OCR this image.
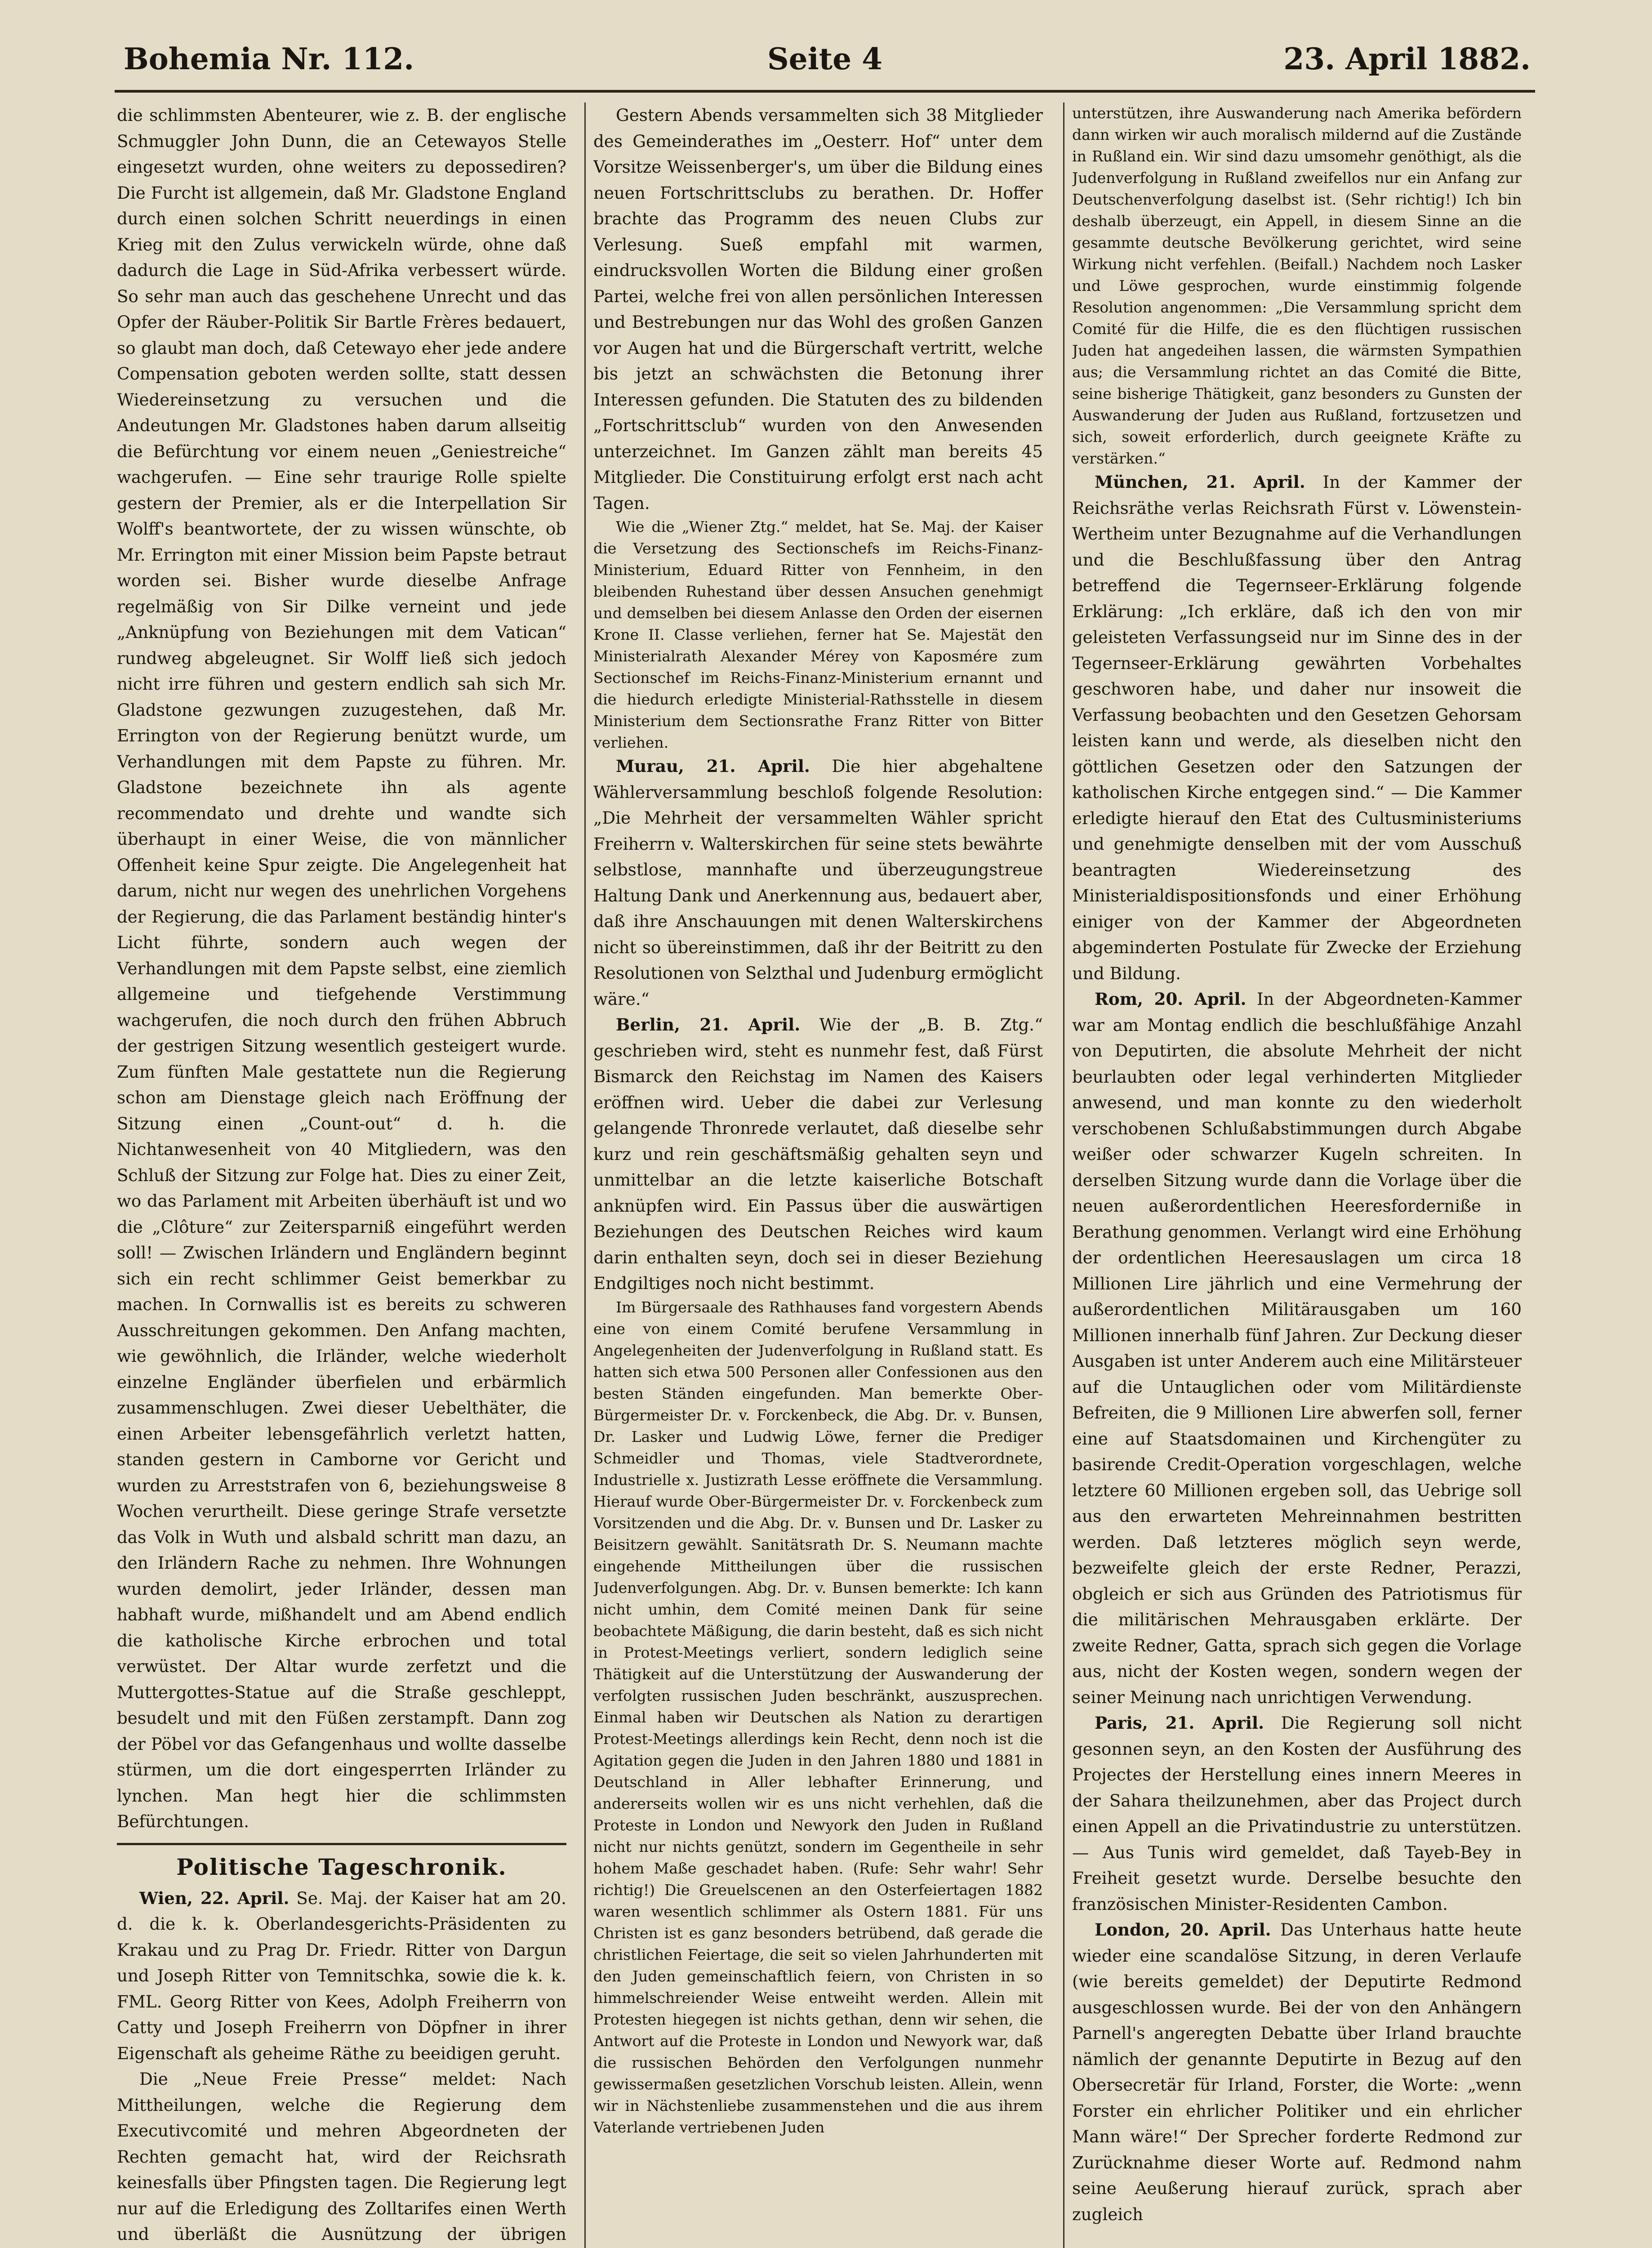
Bohemia Nr. 112.	Seite 4	23. April 1882.

die schlimmsten Abenteurer, wie z. B. der englische Schmuggler John Dunn, die an Cetewayos Stelle eingesetzt wurden, ohne weiters zu depossediren? Die Furcht ist allgemein, daß Mr. Gladstone England durch einen solchen Schritt neuerdings in einen Krieg mit den Zulus verwickeln würde, ohne daß dadurch die Lage in Süd-Afrika verbessert würde. So sehr man auch das geschehene Unrecht und das Opfer der Räuber-Politik Sir Bartle Frères bedauert, so glaubt man doch, daß Cetewayo eher jede andere Compensation geboten werden sollte, statt dessen Wiedereinsetzung zu versuchen und die Andeutungen Mr. Gladstones haben darum allseitig die Befürchtung vor einem neuen „Geniestreiche“ wachgerufen. — Eine sehr traurige Rolle spielte gestern der Premier, als er die Interpellation Sir Wolff's beantwortete, der zu wissen wünschte, ob Mr. Errington mit einer Mission beim Papste betraut worden sei. Bisher wurde dieselbe Anfrage regelmäßig von Sir Dilke verneint und jede „Anknüpfung von Beziehungen mit dem Vatican“ rundweg abgeleugnet. Sir Wolff ließ sich jedoch nicht irre führen und gestern endlich sah sich Mr. Gladstone gezwungen zuzugestehen, daß Mr. Errington von der Regierung benützt wurde, um Verhandlungen mit dem Papste zu führen. Mr. Gladstone bezeichnete ihn als agente recommendato und drehte und wandte sich überhaupt in einer Weise, die von männlicher Offenheit keine Spur zeigte. Die Angelegenheit hat darum, nicht nur wegen des unehrlichen Vorgehens der Regierung, die das Parlament beständig hinter's Licht führte, sondern auch wegen der Verhandlungen mit dem Papste selbst, eine ziemlich allgemeine und tiefgehende Verstimmung wachgerufen, die noch durch den frühen Abbruch der gestrigen Sitzung wesentlich gesteigert wurde. Zum fünften Male gestattete nun die Regierung schon am Dienstage gleich nach Eröffnung der Sitzung einen „Count-out“ d. h. die Nichtanwesenheit von 40 Mitgliedern, was den Schluß der Sitzung zur Folge hat. Dies zu einer Zeit, wo das Parlament mit Arbeiten überhäuft ist und wo die „Clôture“ zur Zeitersparniß eingeführt werden soll! — Zwischen Irländern und Engländern beginnt sich ein recht schlimmer Geist bemerkbar zu machen. In Cornwallis ist es bereits zu schweren Ausschreitungen gekommen. Den Anfang machten, wie gewöhnlich, die Irländer, welche wiederholt einzelne Engländer überfielen und erbärmlich zusammenschlugen. Zwei dieser Uebelthäter, die einen Arbeiter lebensgefährlich verletzt hatten, standen gestern in Camborne vor Gericht und wurden zu Arreststrafen von 6, beziehungsweise 8 Wochen verurtheilt. Diese geringe Strafe versetzte das Volk in Wuth und alsbald schritt man dazu, an den Irländern Rache zu nehmen. Ihre Wohnungen wurden demolirt, jeder Irländer, dessen man habhaft wurde, mißhandelt und am Abend endlich die katholische Kirche erbrochen und total verwüstet. Der Altar wurde zerfetzt und die Muttergottes-Statue auf die Straße geschleppt, besudelt und mit den Füßen zerstampft. Dann zog der Pöbel vor das Gefangenhaus und wollte dasselbe stürmen, um die dort eingesperrten Irländer zu lynchen. Man hegt hier die schlimmsten Befürchtungen.

Politische Tageschronik.

Wien, 22. April. Se. Maj. der Kaiser hat am 20. d. die k. k. Oberlandesgerichts-Präsidenten zu Krakau und zu Prag Dr. Friedr. Ritter von Dargun und Joseph Ritter von Temnitschka, sowie die k. k. FML. Georg Ritter von Kees, Adolph Freiherrn von Catty und Joseph Freiherrn von Döpfner in ihrer Eigenschaft als geheime Räthe zu beeidigen geruht.

Die „Neue Freie Presse“ meldet: Nach Mittheilungen, welche die Regierung dem Executivcomité und mehren Abgeordneten der Rechten gemacht hat, wird der Reichsrath keinesfalls über Pfingsten tagen. Die Regierung legt nur auf die Erledigung des Zolltarifes einen Werth und überläßt die Ausnützung der übrigen

Gestern Abends versammelten sich 38 Mitglieder des Gemeinderathes im „Oesterr. Hof“ unter dem Vorsitze Weissenberger's, um über die Bildung eines neuen Fortschrittsclubs zu berathen. Dr. Hoffer brachte das Programm des neuen Clubs zur Verlesung. Sueß empfahl mit warmen, eindrucksvollen Worten die Bildung einer großen Partei, welche frei von allen persönlichen Interessen und Bestrebungen nur das Wohl des großen Ganzen vor Augen hat und die Bürgerschaft vertritt, welche bis jetzt an schwächsten die Betonung ihrer Interessen gefunden. Die Statuten des zu bildenden „Fortschrittsclub“ wurden von den Anwesenden unterzeichnet. Im Ganzen zählt man bereits 45 Mitglieder. Die Constituirung erfolgt erst nach acht Tagen.

Wie die „Wiener Ztg.“ meldet, hat Se. Maj. der Kaiser die Versetzung des Sectionschefs im Reichs-Finanz-Ministerium, Eduard Ritter von Fennheim, in den bleibenden Ruhestand über dessen Ansuchen genehmigt und demselben bei diesem Anlasse den Orden der eisernen Krone II. Classe verliehen, ferner hat Se. Majestät den Ministerialrath Alexander Mérey von Kaposmére zum Sectionschef im Reichs-Finanz-Ministerium ernannt und die hiedurch erledigte Ministerial-Rathsstelle in diesem Ministerium dem Sectionsrathe Franz Ritter von Bitter verliehen.

Murau, 21. April. Die hier abgehaltene Wählerversammlung beschloß folgende Resolution: „Die Mehrheit der versammelten Wähler spricht Freiherrn v. Walterskirchen für seine stets bewährte selbstlose, mannhafte und überzeugungstreue Haltung Dank und Anerkennung aus, bedauert aber, daß ihre Anschauungen mit denen Walterskirchens nicht so übereinstimmen, daß ihr der Beitritt zu den Resolutionen von Selzthal und Judenburg ermöglicht wäre.“

Berlin, 21. April. Wie der „B. B. Ztg.“ geschrieben wird, steht es nunmehr fest, daß Fürst Bismarck den Reichstag im Namen des Kaisers eröffnen wird. Ueber die dabei zur Verlesung gelangende Thronrede verlautet, daß dieselbe sehr kurz und rein geschäftsmäßig gehalten seyn und unmittelbar an die letzte kaiserliche Botschaft anknüpfen wird. Ein Passus über die auswärtigen Beziehungen des Deutschen Reiches wird kaum darin enthalten seyn, doch sei in dieser Beziehung Endgiltiges noch nicht bestimmt.

Im Bürgersaale des Rathhauses fand vorgestern Abends eine von einem Comité berufene Versammlung in Angelegenheiten der Judenverfolgung in Rußland statt. Es hatten sich etwa 500 Personen aller Confessionen aus den besten Ständen eingefunden. Man bemerkte Ober-Bürgermeister Dr. v. Forckenbeck, die Abg. Dr. v. Bunsen, Dr. Lasker und Ludwig Löwe, ferner die Prediger Schmeidler und Thomas, viele Stadtverordnete, Industrielle x. Justizrath Lesse eröffnete die Versammlung. Hierauf wurde Ober-Bürgermeister Dr. v. Forckenbeck zum Vorsitzenden und die Abg. Dr. v. Bunsen und Dr. Lasker zu Beisitzern gewählt. Sanitätsrath Dr. S. Neumann machte eingehende Mittheilungen über die russischen Judenverfolgungen. Abg. Dr. v. Bunsen bemerkte: Ich kann nicht umhin, dem Comité meinen Dank für seine beobachtete Mäßigung, die darin besteht, daß es sich nicht in Protest-Meetings verliert, sondern lediglich seine Thätigkeit auf die Unterstützung der Auswanderung der verfolgten russischen Juden beschränkt, auszusprechen. Einmal haben wir Deutschen als Nation zu derartigen Protest-Meetings allerdings kein Recht, denn noch ist die Agitation gegen die Juden in den Jahren 1880 und 1881 in Deutschland in Aller lebhafter Erinnerung, und andererseits wollen wir es uns nicht verhehlen, daß die Proteste in London und Newyork den Juden in Rußland nicht nur nichts genützt, sondern im Gegentheile in sehr hohem Maße geschadet haben. (Rufe: Sehr wahr! Sehr richtig!) Die Greuelscenen an den Osterfeiertagen 1882 waren wesentlich schlimmer als Ostern 1881. Für uns Christen ist es ganz besonders betrübend, daß gerade die christlichen Feiertage, die seit so vielen Jahrhunderten mit den Juden gemeinschaftlich feiern, von Christen in so himmelschreiender Weise entweiht werden. Allein mit Protesten hiegegen ist nichts gethan, denn wir sehen, die Antwort auf die Proteste in London und Newyork war, daß die russischen Behörden den Verfolgungen nunmehr gewissermaßen gesetzlichen Vorschub leisten. Allein, wenn wir in Nächstenliebe zusammenstehen und die aus ihrem Vaterlande vertriebenen Juden

unterstützen, ihre Auswanderung nach Amerika befördern dann wirken wir auch moralisch mildernd auf die Zustände in Rußland ein. Wir sind dazu umsomehr genöthigt, als die Judenverfolgung in Rußland zweifellos nur ein Anfang zur Deutschenverfolgung daselbst ist. (Sehr richtig!) Ich bin deshalb überzeugt, ein Appell, in diesem Sinne an die gesammte deutsche Bevölkerung gerichtet, wird seine Wirkung nicht verfehlen. (Beifall.) Nachdem noch Lasker und Löwe gesprochen, wurde einstimmig folgende Resolution angenommen: „Die Versammlung spricht dem Comité für die Hilfe, die es den flüchtigen russischen Juden hat angedeihen lassen, die wärmsten Sympathien aus; die Versammlung richtet an das Comité die Bitte, seine bisherige Thätigkeit, ganz besonders zu Gunsten der Auswanderung der Juden aus Rußland, fortzusetzen und sich, soweit erforderlich, durch geeignete Kräfte zu verstärken.“

München, 21. April. In der Kammer der Reichsräthe verlas Reichsrath Fürst v. Löwenstein-Wertheim unter Bezugnahme auf die Verhandlungen und die Beschlußfassung über den Antrag betreffend die Tegernseer-Erklärung folgende Erklärung: „Ich erkläre, daß ich den von mir geleisteten Verfassungseid nur im Sinne des in der Tegernseer-Erklärung gewährten Vorbehaltes geschworen habe, und daher nur insoweit die Verfassung beobachten und den Gesetzen Gehorsam leisten kann und werde, als dieselben nicht den göttlichen Gesetzen oder den Satzungen der katholischen Kirche entgegen sind.“ — Die Kammer erledigte hierauf den Etat des Cultusministeriums und genehmigte denselben mit der vom Ausschuß beantragten Wiedereinsetzung des Ministerialdispositionsfonds und einer Erhöhung einiger von der Kammer der Abgeordneten abgeminderten Postulate für Zwecke der Erziehung und Bildung.

Rom, 20. April. In der Abgeordneten-Kammer war am Montag endlich die beschlußfähige Anzahl von Deputirten, die absolute Mehrheit der nicht beurlaubten oder legal verhinderten Mitglieder anwesend, und man konnte zu den wiederholt verschobenen Schlußabstimmungen durch Abgabe weißer oder schwarzer Kugeln schreiten. In derselben Sitzung wurde dann die Vorlage über die neuen außerordentlichen Heeresforderniße in Berathung genommen. Verlangt wird eine Erhöhung der ordentlichen Heeresauslagen um circa 18 Millionen Lire jährlich und eine Vermehrung der außerordentlichen Militärausgaben um 160 Millionen innerhalb fünf Jahren. Zur Deckung dieser Ausgaben ist unter Anderem auch eine Militärsteuer auf die Untauglichen oder vom Militärdienste Befreiten, die 9 Millionen Lire abwerfen soll, ferner eine auf Staatsdomainen und Kirchengüter zu basirende Credit-Operation vorgeschlagen, welche letztere 60 Millionen ergeben soll, das Uebrige soll aus den erwarteten Mehreinnahmen bestritten werden. Daß letzteres möglich seyn werde, bezweifelte gleich der erste Redner, Perazzi, obgleich er sich aus Gründen des Patriotismus für die militärischen Mehrausgaben erklärte. Der zweite Redner, Gatta, sprach sich gegen die Vorlage aus, nicht der Kosten wegen, sondern wegen der seiner Meinung nach unrichtigen Verwendung.

Paris, 21. April. Die Regierung soll nicht gesonnen seyn, an den Kosten der Ausführung des Projectes der Herstellung eines innern Meeres in der Sahara theilzunehmen, aber das Project durch einen Appell an die Privatindustrie zu unterstützen. — Aus Tunis wird gemeldet, daß Tayeb-Bey in Freiheit gesetzt wurde. Derselbe besuchte den französischen Minister-Residenten Cambon.

London, 20. April. Das Unterhaus hatte heute wieder eine scandalöse Sitzung, in deren Verlaufe (wie bereits gemeldet) der Deputirte Redmond ausgeschlossen wurde. Bei der von den Anhängern Parnell's angeregten Debatte über Irland brauchte nämlich der genannte Deputirte in Bezug auf den Obersecretär für Irland, Forster, die Worte: „wenn Forster ein ehrlicher Politiker und ein ehrlicher Mann wäre!“ Der Sprecher forderte Redmond zur Zurücknahme dieser Worte auf. Redmond nahm seine Aeußerung hierauf zurück, sprach aber zugleich
